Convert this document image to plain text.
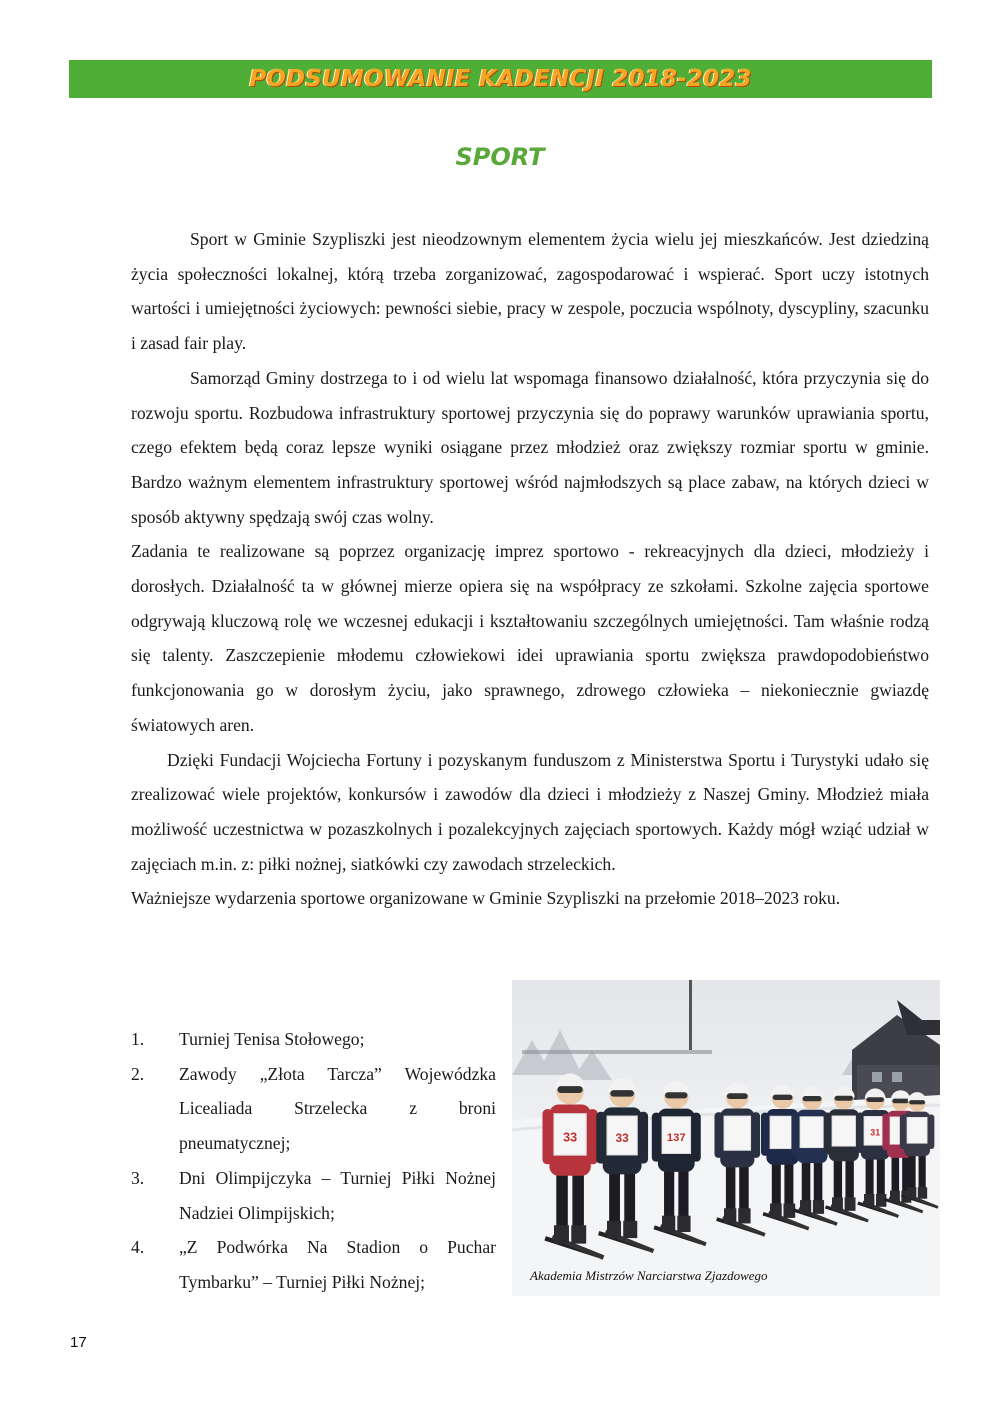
PODSUMOWANIE KADENCJI 2018-2023
SPORT

Sport w Gminie Szypliszki jest nieodzownym elementem życia wielu jej mieszkańców. Jest dziedziną życia społeczności lokalnej, którą trzeba zorganizować, zagospodarować i wspierać. Sport uczy istotnych wartości i umiejętności życiowych: pewności siebie, pracy w zespole, poczucia wspólnoty, dyscypliny, szacunku i zasad fair play.

Samorząd Gminy dostrzega to i od wielu lat wspomaga finansowo działalność, która przyczynia się do rozwoju sportu. Rozbudowa infrastruktury sportowej przyczynia się do poprawy warunków uprawiania sportu, czego efektem będą coraz lepsze wyniki osiągane przez młodzież oraz zwiększy rozmiar sportu w gminie. Bardzo ważnym elementem infrastruktury sportowej wśród najmłodszych są place zabaw, na których dzieci w sposób aktywny spędzają swój czas wolny.

Zadania te realizowane są poprzez organizację imprez sportowo - rekreacyjnych dla dzieci, młodzieży i dorosłych. Działalność ta w głównej mierze opiera się na współpracy ze szkołami. Szkolne zajęcia sportowe odgrywają kluczową rolę we wczesnej edukacji i kształtowaniu szczególnych umiejętności. Tam właśnie rodzą się talenty. Zaszczepienie młodemu człowiekowi idei uprawiania sportu zwiększa prawdopodobieństwo funkcjonowania go w dorosłym życiu, jako sprawnego, zdrowego człowieka – niekoniecznie gwiazdę światowych aren.

Dzięki Fundacji Wojciecha Fortuny i pozyskanym funduszom z Ministerstwa Sportu i Turystyki udało się zrealizować wiele projektów, konkursów i zawodów dla dzieci i młodzieży z Naszej Gminy. Młodzież miała możliwość uczestnictwa w pozaszkolnych i pozalekcyjnych zajęciach sportowych. Każdy mógł wziąć udział w zajęciach m.in. z: piłki nożnej, siatkówki czy zawodach strzeleckich.

Ważniejsze wydarzenia sportowe organizowane w Gminie Szypliszki na przełomie 2018–2023 roku.

1.	Turniej Tenisa Stołowego;
2.	Zawody „Złota Tarcza” Wojewódzka Licealiada Strzelecka z broni pneumatycznej;
3.	Dni Olimpijczyka – Turniej Piłki Nożnej Nadziei Olimpijskich;
4.	„Z Podwórka Na Stadion o Puchar Tymbarku” – Turniej Piłki Nożnej;
33	33	137	31
Akademia Mistrzów Narciarstwa Zjazdowego
17
